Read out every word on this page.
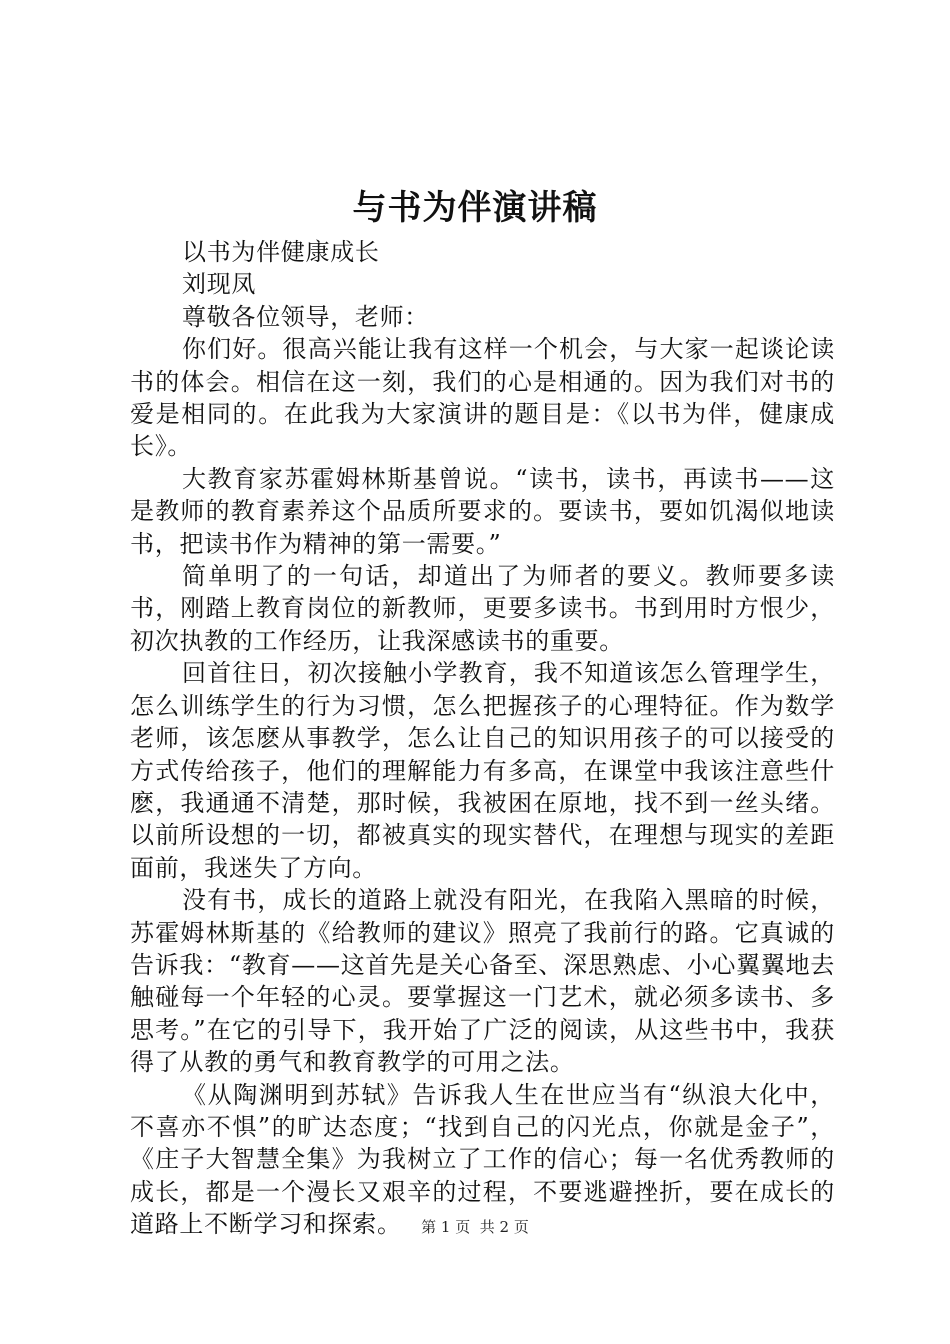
与书为伴演讲稿

以书为伴健康成长

刘现凤

尊敬各位领导，老师：

你们好。很高兴能让我有这样一个机会，与大家一起谈论读书的体会。相信在这一刻，我们的心是相通的。因为我们对书的爱是相同的。在此我为大家演讲的题目是：《以书为伴，健康成长》。

大教育家苏霍姆林斯基曾说。“读书，读书，再读书——这是教师的教育素养这个品质所要求的。要读书，要如饥渴似地读书，把读书作为精神的第一需要。”

简单明了的一句话，却道出了为师者的要义。教师要多读书，刚踏上教育岗位的新教师，更要多读书。书到用时方恨少，初次执教的工作经历，让我深感读书的重要。

回首往日，初次接触小学教育，我不知道该怎么管理学生，怎么训练学生的行为习惯，怎么把握孩子的心理特征。作为数学老师，该怎麽从事教学，怎么让自己的知识用孩子的可以接受的方式传给孩子，他们的理解能力有多高，在课堂中我该注意些什麽，我通通不清楚，那时候，我被困在原地，找不到一丝头绪。以前所设想的一切，都被真实的现实替代，在理想与现实的差距面前，我迷失了方向。

没有书，成长的道路上就没有阳光，在我陷入黑暗的时候，苏霍姆林斯基的《给教师的建议》照亮了我前行的路。它真诚的告诉我：“教育——这首先是关心备至、深思熟虑、小心翼翼地去触碰每一个年轻的心灵。要掌握这一门艺术，就必须多读书、多思考。”在它的引导下，我开始了广泛的阅读，从这些书中，我获得了从教的勇气和教育教学的可用之法。

《从陶渊明到苏轼》告诉我人生在世应当有“纵浪大化中，不喜亦不惧”的旷达态度；“找到自己的闪光点，你就是金子”，《庄子大智慧全集》为我树立了工作的信心；每一名优秀教师的成长，都是一个漫长又艰辛的过程，不要逃避挫折，要在成长的道路上不断学习和探索。	第 1 页 共 2 页
